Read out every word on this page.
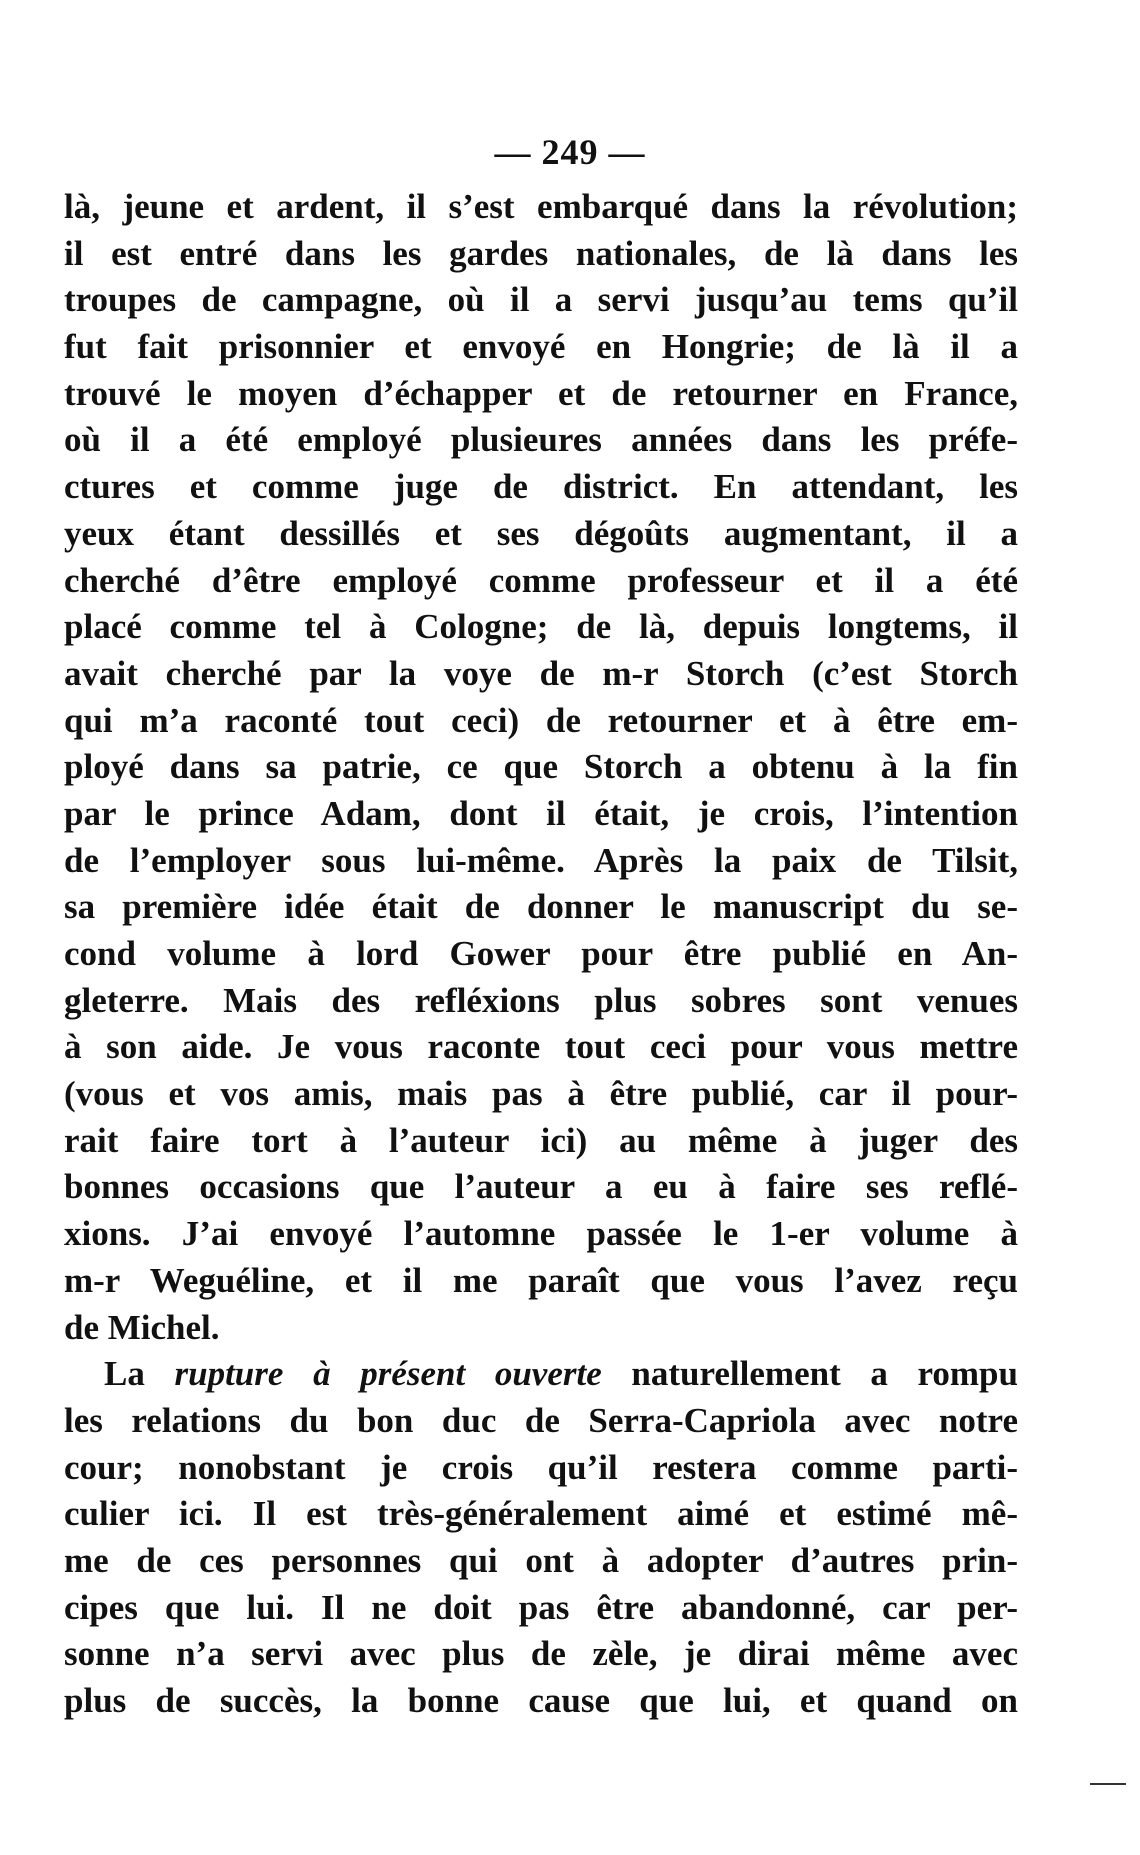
— 249 —
là, jeune et ardent, il s’est embarqué dans la révolution;
il est entré dans les gardes nationales, de là dans les
troupes de campagne, où il a servi jusqu’au tems qu’il
fut fait prisonnier et envoyé en Hongrie; de là il a
trouvé le moyen d’échapper et de retourner en France,
où il a été employé plusieures années dans les préfe-
ctures et comme juge de district. En attendant, les
yeux étant dessillés et ses dégoûts augmentant, il a
cherché d’être employé comme professeur et il a été
placé comme tel à Cologne; de là, depuis longtems, il
avait cherché par la voye de m-r Storch (c’est Storch
qui m’a raconté tout ceci) de retourner et à être em-
ployé dans sa patrie, ce que Storch a obtenu à la fin
par le prince Adam, dont il était, je crois, l’intention
de l’employer sous lui-même. Après la paix de Tilsit,
sa première idée était de donner le manuscript du se-
cond volume à lord Gower pour être publié en An-
gleterre. Mais des refléxions plus sobres sont venues
à son aide. Je vous raconte tout ceci pour vous mettre
(vous et vos amis, mais pas à être publié, car il pour-
rait faire tort à l’auteur ici) au même à juger des
bonnes occasions que l’auteur a eu à faire ses reflé-
xions. J’ai envoyé l’automne passée le 1-er volume à
m-r Weguéline, et il me paraît que vous l’avez reçu
de Michel.
La rupture à présent ouverte naturellement a rompu
les relations du bon duc de Serra-Capriola avec notre
cour; nonobstant je crois qu’il restera comme parti-
culier ici. Il est très-généralement aimé et estimé mê-
me de ces personnes qui ont à adopter d’autres prin-
cipes que lui. Il ne doit pas être abandonné, car per-
sonne n’a servi avec plus de zèle, je dirai même avec
plus de succès, la bonne cause que lui, et quand on
